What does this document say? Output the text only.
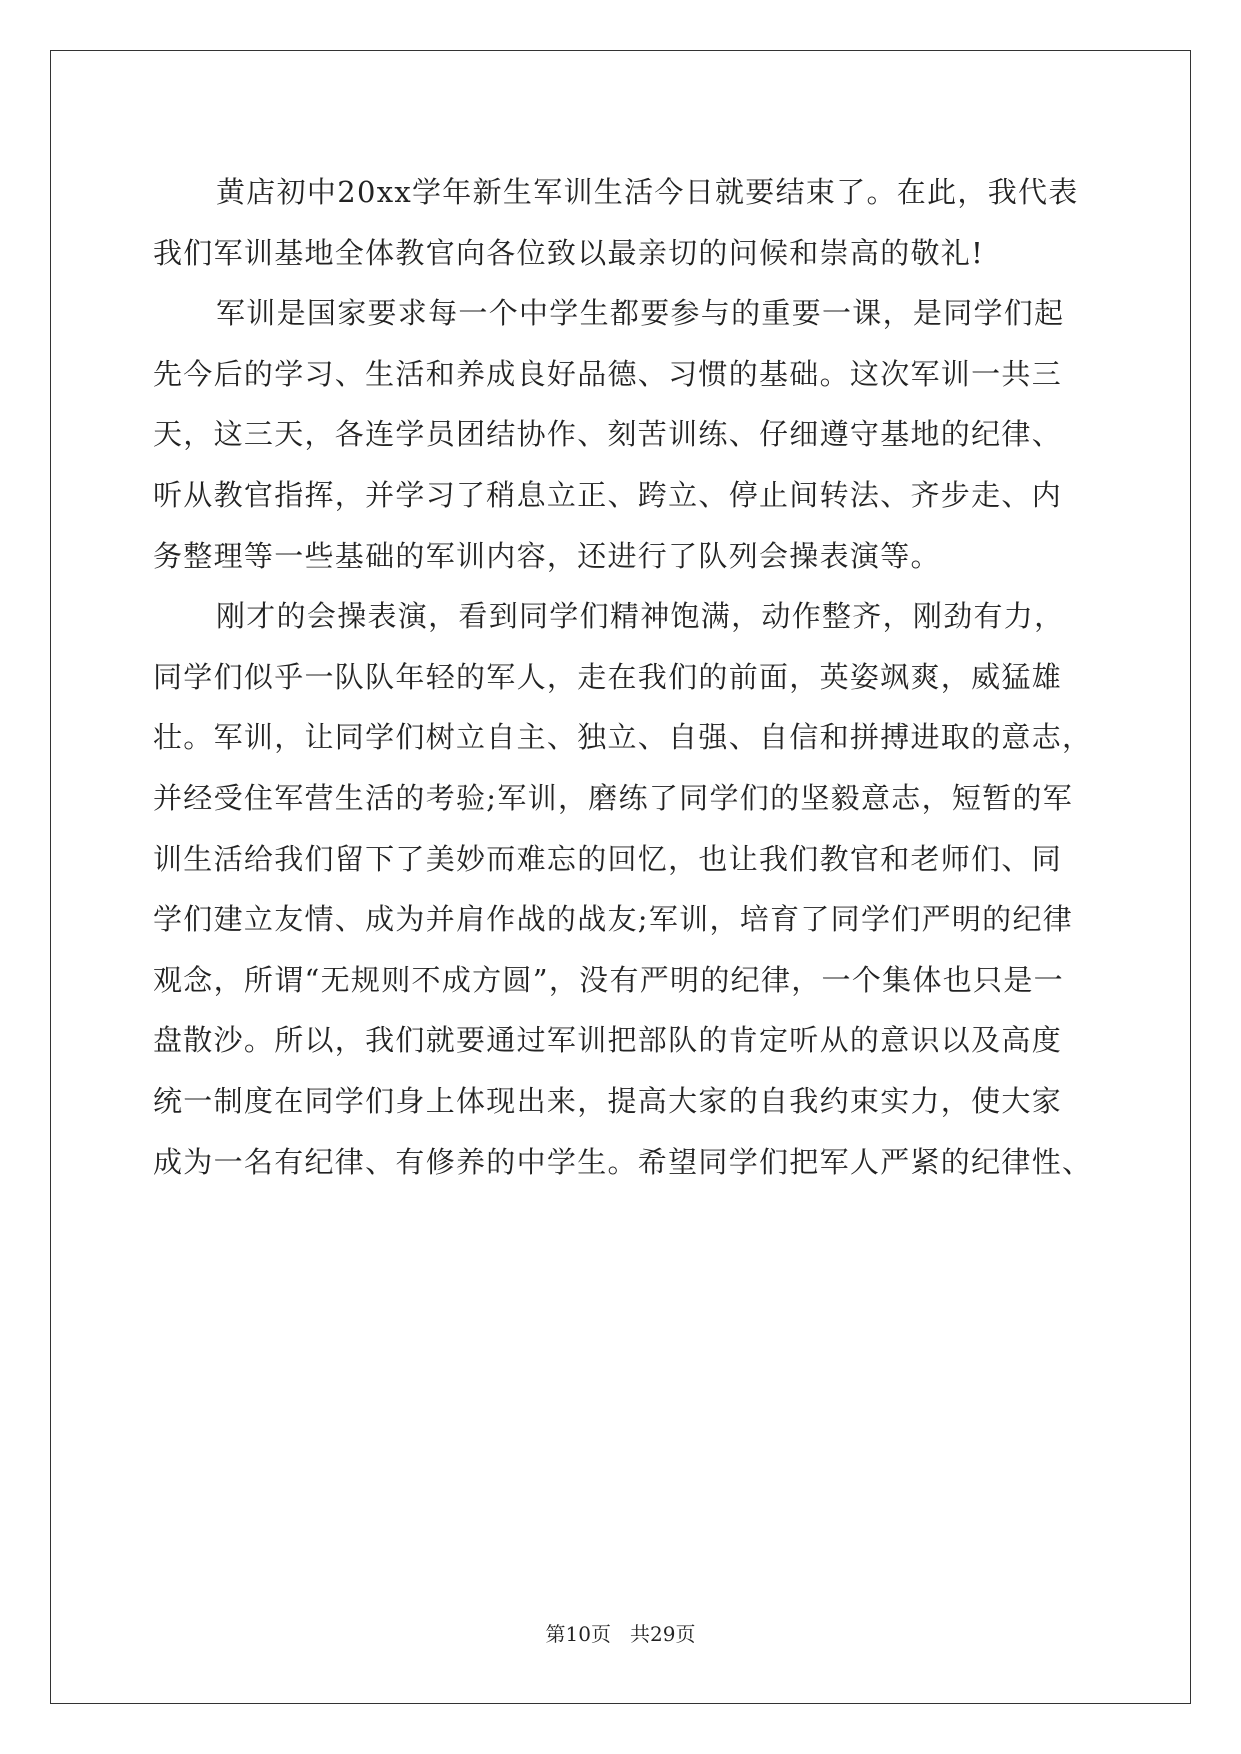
黄店初中20xx学年新生军训生活今日就要结束了。在此，我代表
我们军训基地全体教官向各位致以最亲切的问候和崇高的敬礼!
军训是国家要求每一个中学生都要参与的重要一课，是同学们起
先今后的学习、生活和养成良好品德、习惯的基础。这次军训一共三
天，这三天，各连学员团结协作、刻苦训练、仔细遵守基地的纪律、
听从教官指挥，并学习了稍息立正、跨立、停止间转法、齐步走、内
务整理等一些基础的军训内容，还进行了队列会操表演等。
刚才的会操表演，看到同学们精神饱满，动作整齐，刚劲有力，
同学们似乎一队队年轻的军人，走在我们的前面，英姿飒爽，威猛雄
壮。军训，让同学们树立自主、独立、自强、自信和拼搏进取的意志，
并经受住军营生活的考验;军训，磨练了同学们的坚毅意志，短暂的军
训生活给我们留下了美妙而难忘的回忆，也让我们教官和老师们、同
学们建立友情、成为并肩作战的战友;军训，培育了同学们严明的纪律
观念，所谓“无规则不成方圆”，没有严明的纪律，一个集体也只是一
盘散沙。所以，我们就要通过军训把部队的肯定听从的意识以及高度
统一制度在同学们身上体现出来，提高大家的自我约束实力，使大家
成为一名有纪律、有修养的中学生。希望同学们把军人严紧的纪律性、
第10页 共29页
